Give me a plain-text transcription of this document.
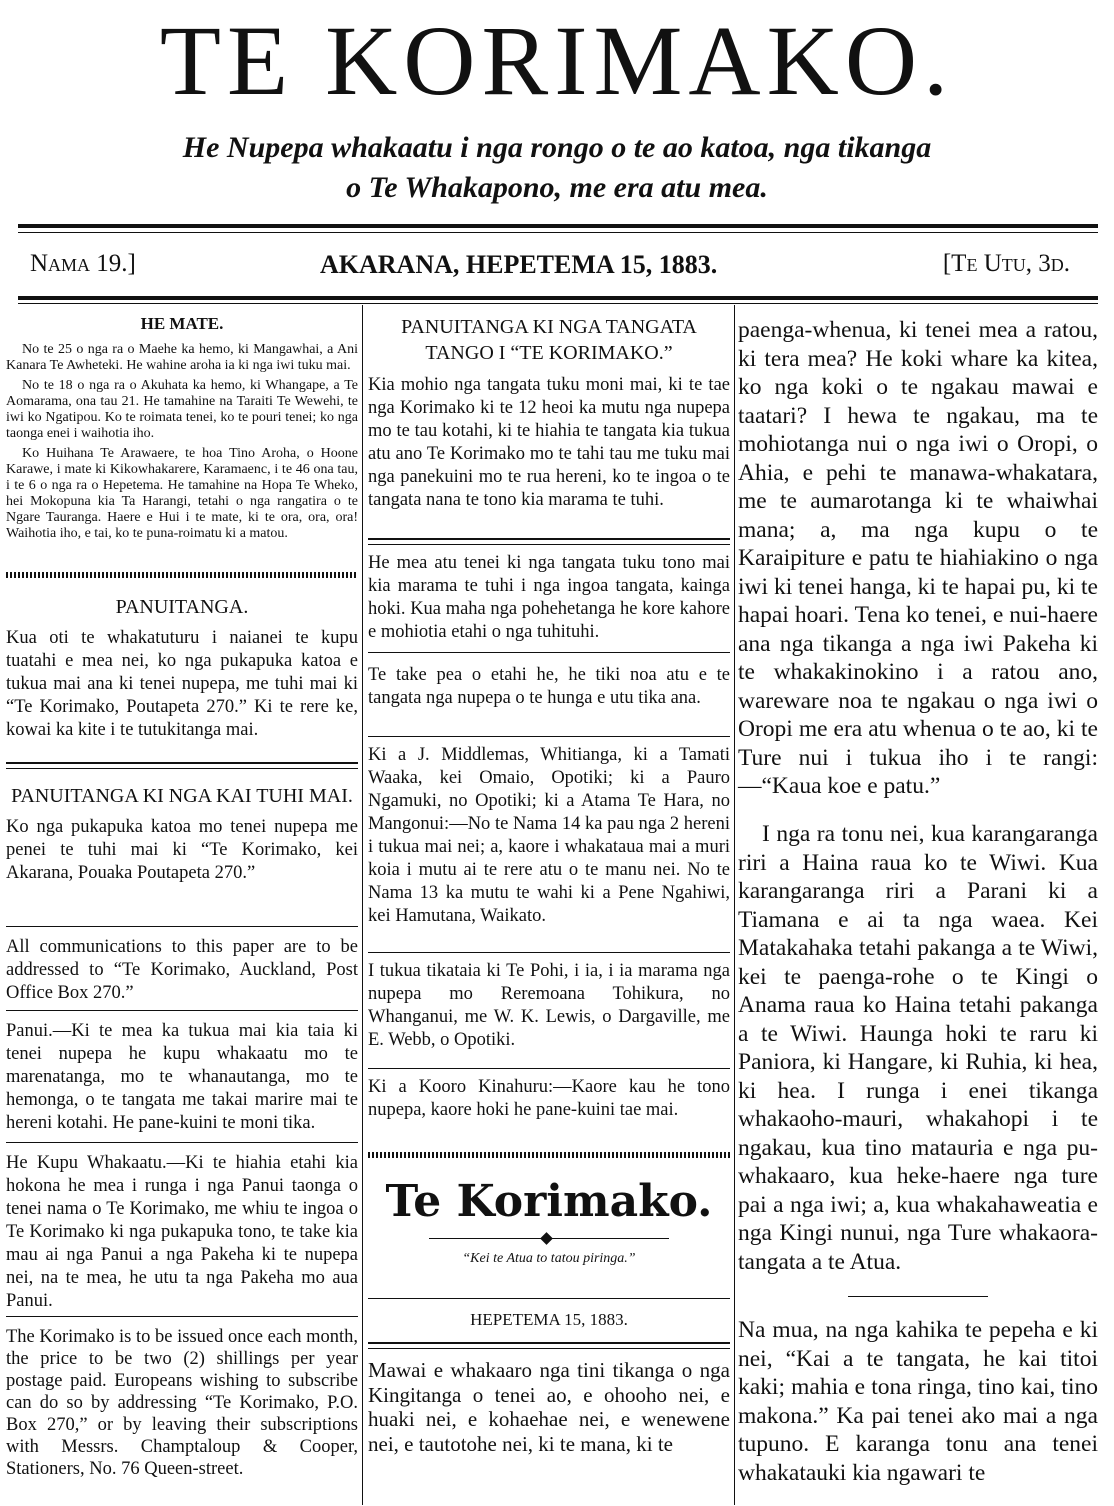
TE KORIMAKO.
He Nupepa whakaatu i nga rongo o te ao katoa, nga tikanga
o Te Whakapono, me era atu mea.
Nama 19.]	AKARANA, HEPETEMA 15, 1883.	[Te Utu, 3d.
HE MATE.

No te 25 o nga ra o Maehe ka hemo, ki Mangawhai, a Ani Kanara Te Awheteki. He wahine aroha ia ki nga iwi tuku mai.

No te 18 o nga ra o Akuhata ka hemo, ki Whangape, a Te Aomarama, ona tau 21. He tamahine na Taraiti Te Wewehi, te iwi ko Ngatipou. Ko te roimata tenei, ko te pouri tenei; ko nga taonga enei i waihotia iho.

Ko Huihana Te Arawaere, te hoa Tino Aroha, o Hoone Karawe, i mate ki Kikowhakarere, Karamaenc, i te 46 ona tau, i te 6 o nga ra o Hepetema. He tamahine na Hopa Te Wheko, hei Mokopuna kia Ta Harangi, tetahi o nga rangatira o te Ngare Tauranga. Haere e Hui i te mate, ki te ora, ora, ora! Waihotia iho, e tai, ko te puna-roimatu ki a matou.

PANUITANGA.

Kua oti te whakatuturu i naianei te kupu tuatahi e mea nei, ko nga pukapuka katoa e tukua mai ana ki tenei nupepa, me tuhi mai ki “Te Korimako, Poutapeta 270.” Ki te rere ke, kowai ka kite i te tutukitanga mai.

PANUITANGA KI NGA KAI TUHI MAI.

Ko nga pukapuka katoa mo tenei nupepa me penei te tuhi mai ki “Te Korimako, kei Akarana, Pouaka Poutapeta 270.”

All communications to this paper are to be addressed to “Te Korimako, Auckland, Post Office Box 270.”

Panui.—Ki te mea ka tukua mai kia taia ki tenei nupepa he kupu whakaatu mo te marenatanga, mo te whanautanga, mo te hemonga, o te tangata me takai marire mai te hereni kotahi. He pane-kuini te moni tika.

He Kupu Whakaatu.—Ki te hiahia etahi kia hokona he mea i runga i nga Panui taonga o tenei nama o Te Korimako, me whiu te ingoa o Te Korimako ki nga pukapuka tono, te take kia mau ai nga Panui a nga Pakeha ki te nupepa nei, na te mea, he utu ta nga Pakeha mo aua Panui.

The Korimako is to be issued once each month, the price to be two (2) shillings per year postage paid. Europeans wishing to subscribe can do so by addressing “Te Korimako, P.O. Box 270,” or by leaving their subscriptions with Messrs. Champtaloup & Cooper, Stationers, No. 76 Queen-street.

PANUITANGA KI NGA TANGATA TANGO I “TE KORIMAKO.”

Kia mohio nga tangata tuku moni mai, ki te tae nga Korimako ki te 12 heoi ka mutu nga nupepa mo te tau kotahi, ki te hiahia te tangata kia tukua atu ano Te Korimako mo te tahi tau me tuku mai nga panekuini mo te rua hereni, ko te ingoa o te tangata nana te tono kia marama te tuhi.

He mea atu tenei ki nga tangata tuku tono mai kia marama te tuhi i nga ingoa tangata, kainga hoki. Kua maha nga pohehetanga he kore kahore e mohiotia etahi o nga tuhituhi.

Te take pea o etahi he, he tiki noa atu e te tangata nga nupepa o te hunga e utu tika ana.

Ki a J. Middlemas, Whitianga, ki a Tamati Waaka, kei Omaio, Opotiki; ki a Pauro Ngamuki, no Opotiki; ki a Atama Te Hara, no Mangonui:—No te Nama 14 ka pau nga 2 hereni i tukua mai nei; a, kaore i whakataua mai a muri koia i mutu ai te rere atu o te manu nei. No te Nama 13 ka mutu te wahi ki a Pene Ngahiwi, kei Hamutana, Waikato.

I tukua tikataia ki Te Pohi, i ia, i ia marama nga nupepa mo Reremoana Tohikura, no Whanganui, me W. K. Lewis, o Dargaville, me E. Webb, o Opotiki.

Ki a Kooro Kinahuru:—Kaore kau he tono nupepa, kaore hoki he pane-kuini tae mai.

Te Korimako.
“Kei te Atua to tatou piringa.”
HEPETEMA 15, 1883.

Mawai e whakaaro nga tini tikanga o nga Kingitanga o tenei ao, e ohooho nei, e huaki nei, e kohaehae nei, e wenewene nei, e tautotohe nei, ki te mana, ki te

paenga-whenua, ki tenei mea a ratou, ki tera mea? He koki whare ka kitea, ko nga koki o te ngakau mawai e taatari? I hewa te ngakau, ma te mohiotanga nui o nga iwi o Oropi, o Ahia, e pehi te manawa-whakatara, me te aumarotanga ki te whaiwhai mana; a, ma nga kupu o te Karaipiture e patu te hiahiakino o nga iwi ki tenei hanga, ki te hapai pu, ki te hapai hoari. Tena ko tenei, e nui-haere ana nga tikanga a nga iwi Pakeha ki te whakakinokino i a ratou ano, wareware noa te ngakau o nga iwi o Oropi me era atu whenua o te ao, ki te Ture nui i tukua iho i te rangi:—“Kaua koe e patu.”

I nga ra tonu nei, kua karangaranga riri a Haina raua ko te Wiwi. Kua karangaranga riri a Parani ki a Tiamana e ai ta nga waea. Kei Matakahaka tetahi pakanga a te Wiwi, kei te paenga-rohe o te Kingi o Anama raua ko Haina tetahi pakanga a te Wiwi. Haunga hoki te raru ki Paniora, ki Hangare, ki Ruhia, ki hea, ki hea. I runga i enei tikanga whakaoho-mauri, whakahopi i te ngakau, kua tino matauria e nga pu-whakaaro, kua heke-haere nga ture pai a nga iwi; a, kua whakahaweatia e nga Kingi nunui, nga Ture whakaora-tangata a te Atua.

Na mua, na nga kahika te pepeha e ki nei, “Kai a te tangata, he kai titoi kaki; mahia e tona ringa, tino kai, tino makona.” Ka pai tenei ako mai a nga tupuno. E karanga tonu ana tenei whakatauki kia ngawari te
